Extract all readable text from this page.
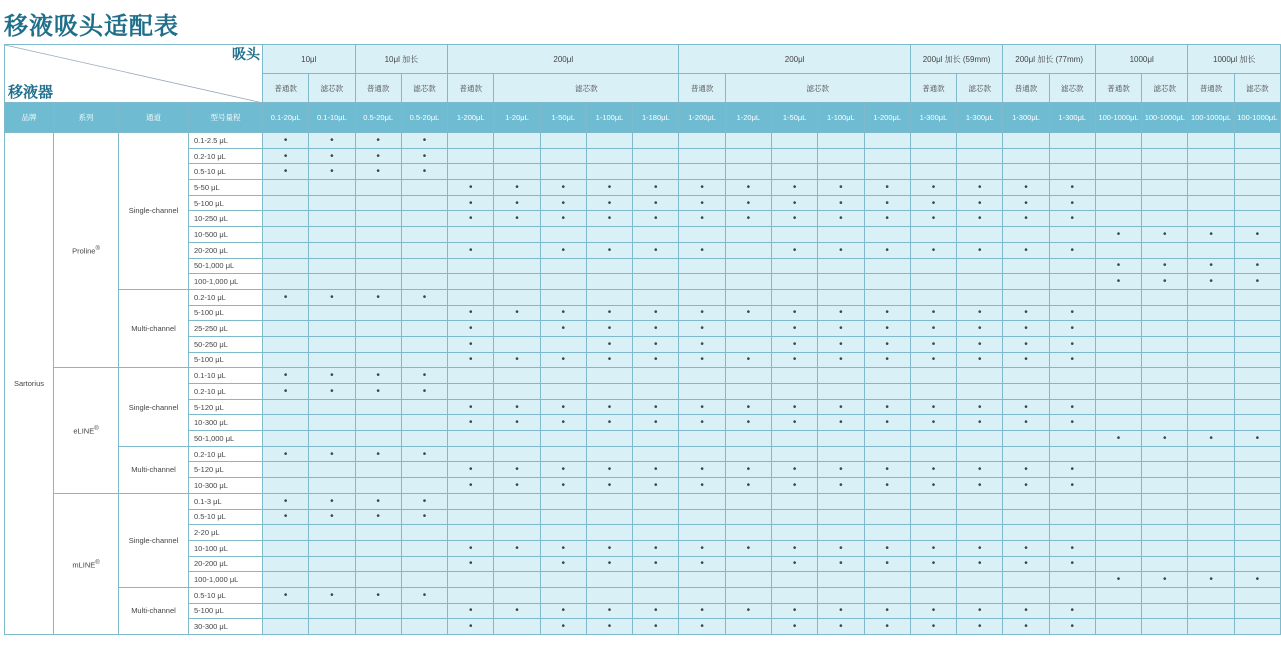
移液吸头适配表
吸头
移液器				10μl		10μl 加长		200μl					200μl					200μl 加长 (59mm)		200μl 加长 (77mm)		1000μl		1000μl 加长	
				普通款	滤芯款	普通款	滤芯款	普通款	滤芯款				普通款	滤芯款				普通款	滤芯款	普通款	滤芯款	普通款	滤芯款	普通款	滤芯款
品牌	系列	通道	型号量程	0.1-20μL	0.1-10μL	0.5-20μL	0.5-20μL	1-200μL	1-20μL	1-50μL	1-100μL	1-180μL	1-200μL	1-20μL	1-50μL	1-100μL	1-200μL	1-300μL	1-300μL	1-300μL	1-300μL	100-1000μL	100-1000μL	100-1000μL	100-1000μL
Sartorius	Proline®	Single-channel	0.1-2.5 μL	•	•	•	•																		
			0.2-10 μL	•	•	•	•																		
			0.5-10 μL	•	•	•	•																		
			5-50 μL					•	•	•	•	•	•	•	•	•	•	•	•	•	•				
			5-100 μL					•	•	•	•	•	•	•	•	•	•	•	•	•	•				
			10-250 μL					•	•	•	•	•	•	•	•	•	•	•	•	•	•				
			10-500 μL																			•	•	•	•
			20-200 μL					•		•	•	•	•		•	•	•	•	•	•	•				
			50-1,000 μL																			•	•	•	•
			100-1,000 μL																			•	•	•	•
		Multi-channel	0.2-10 μL	•	•	•	•																		
			5-100 μL					•	•	•	•	•	•	•	•	•	•	•	•	•	•				
			25-250 μL					•		•	•	•	•		•	•	•	•	•	•	•				
			50-250 μL					•			•	•	•		•	•	•	•	•	•	•				
			5-100 μL					•	•	•	•	•	•	•	•	•	•	•	•	•	•				
	eLINE®	Single-channel	0.1-10 μL	•	•	•	•																		
			0.2-10 μL	•	•	•	•																		
			5-120 μL					•	•	•	•	•	•	•	•	•	•	•	•	•	•				
			10-300 μL					•	•	•	•	•	•	•	•	•	•	•	•	•	•				
			50-1,000 μL																			•	•	•	•
		Multi-channel	0.2-10 μL	•	•	•	•																		
			5-120 μL					•	•	•	•	•	•	•	•	•	•	•	•	•	•				
			10-300 μL					•	•	•	•	•	•	•	•	•	•	•	•	•	•				
	mLINE®	Single-channel	0.1-3 μL	•	•	•	•																		
			0.5-10 μL	•	•	•	•																		
			2-20 μL																						
			10-100 μL					•	•	•	•	•	•	•	•	•	•	•	•	•	•				
			20-200 μL					•		•	•	•	•		•	•	•	•	•	•	•				
			100-1,000 μL																			•	•	•	•
		Multi-channel	0.5-10 μL	•	•	•	•																		
			5-100 μL					•	•	•	•	•	•	•	•	•	•	•	•	•	•				
			30-300 μL					•		•	•	•	•		•	•	•	•	•	•	•				
